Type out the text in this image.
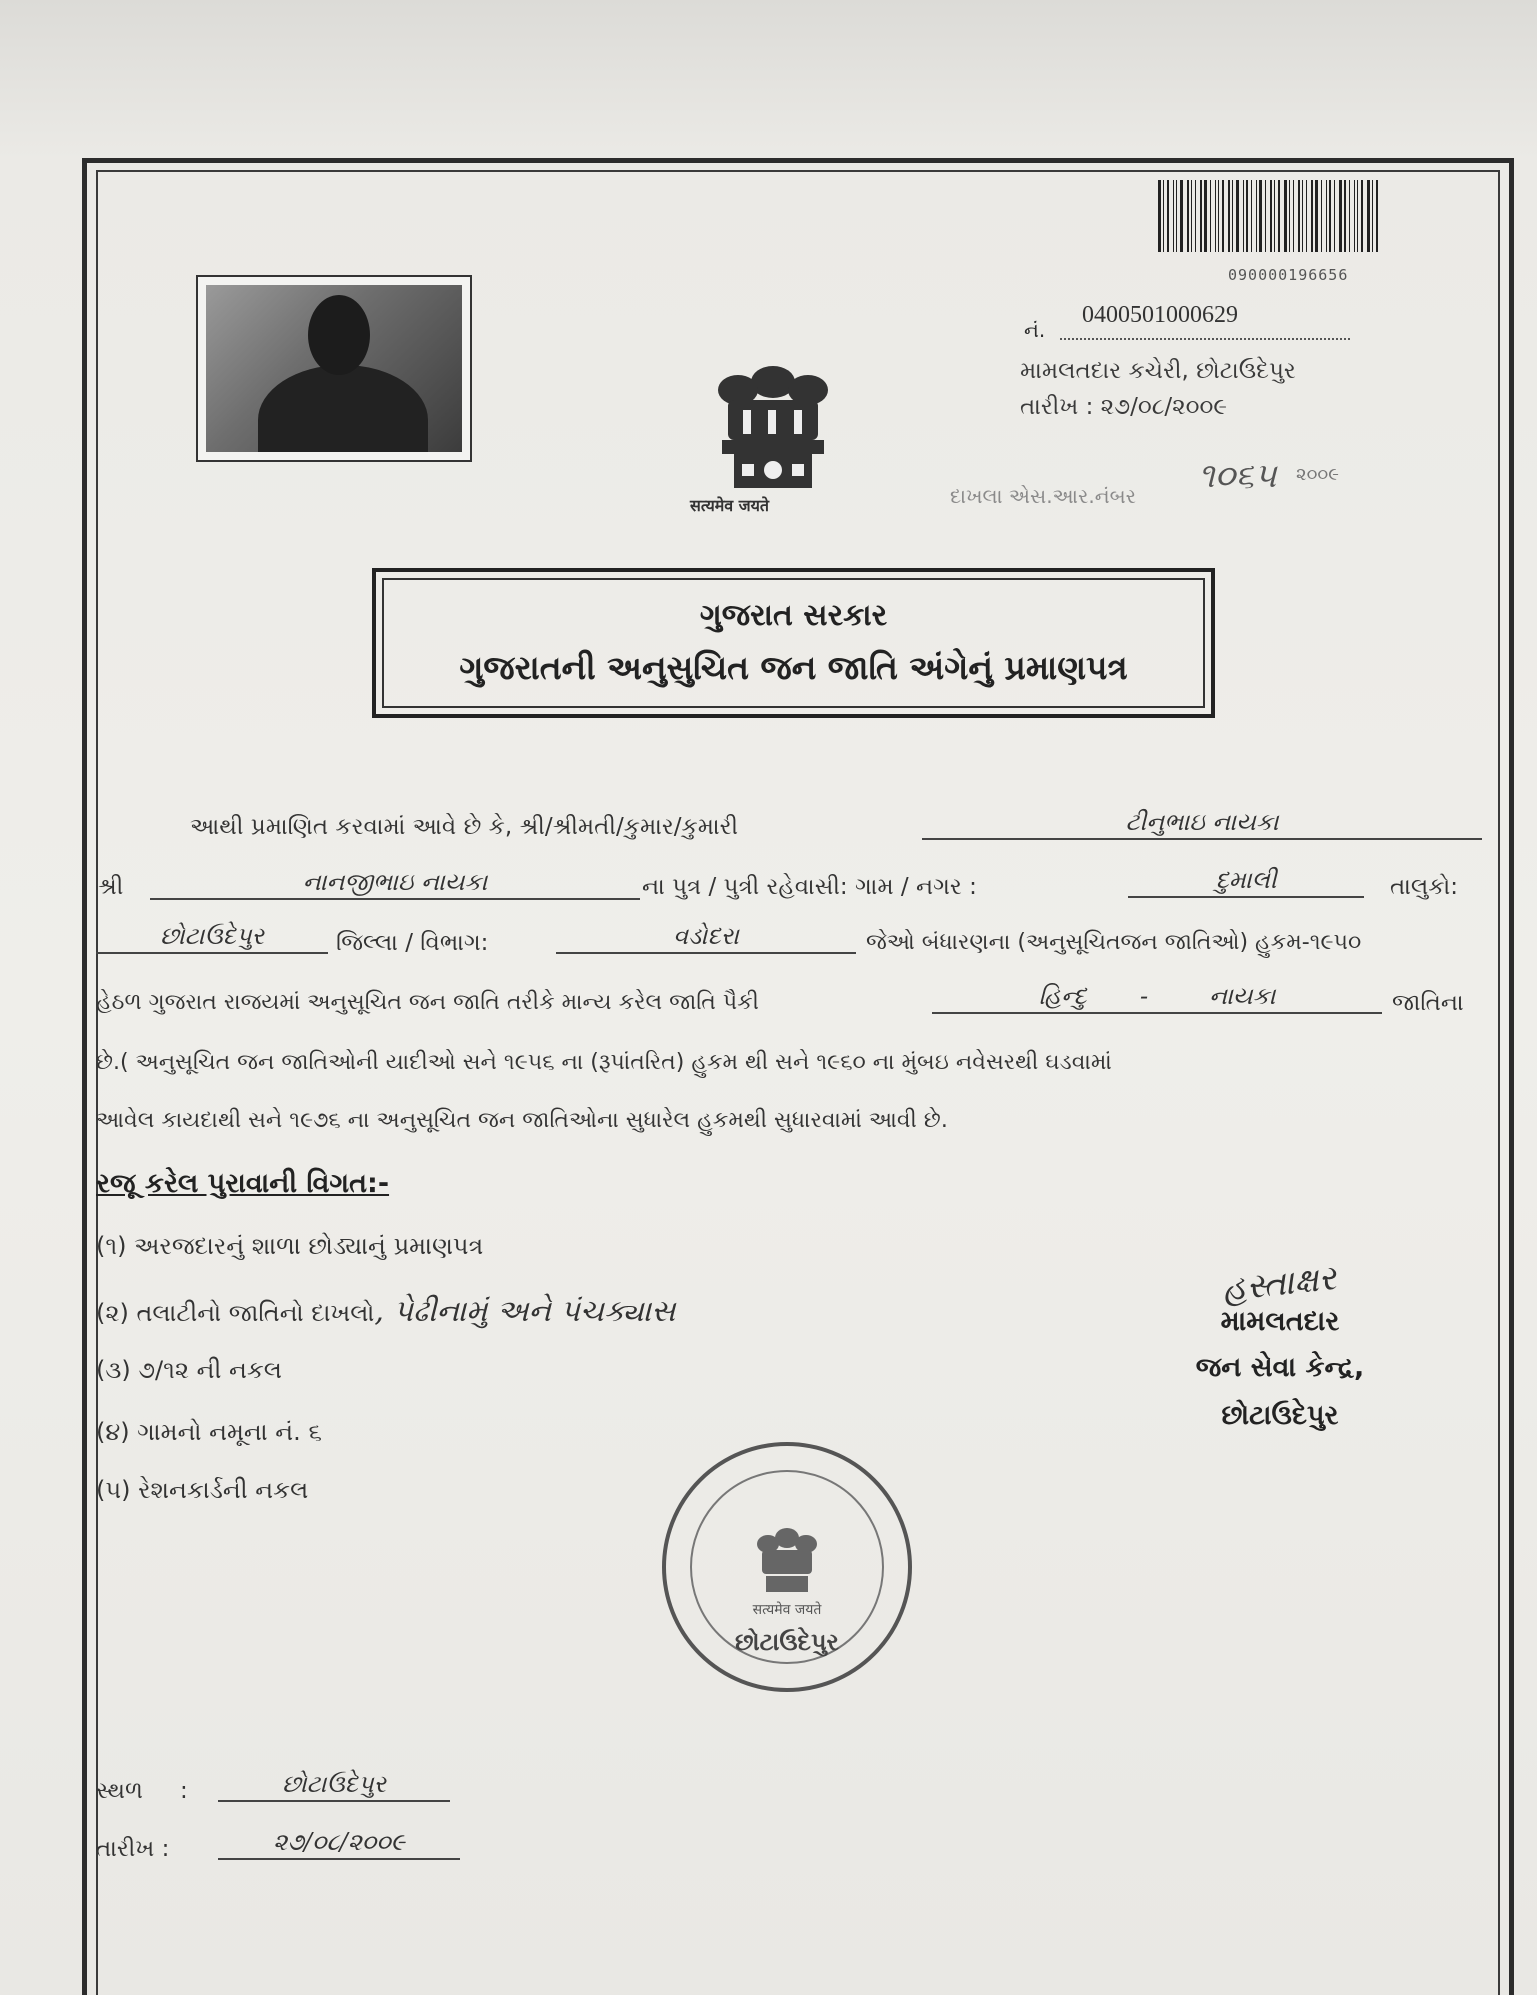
090000196656
0400501000629
નં.
મામલતદાર કચેરી, છોટાઉદેપુર
તારીખ : ૨૭/૦૮/૨૦૦૯
દાખલા એસ.આર.નંબર ૧૦૬૫ ૨૦૦૯
सत्यमेव जयते
ગુજરાત સરકાર
ગુજરાતની અનુસુચિત જન જાતિ અંગેનું પ્રમાણપત્ર
આથી પ્રમાણિત કરવામાં આવે છે કે, શ્રી/શ્રીમતી/કુમાર/કુમારી	ટીનુભાઇ નાયકા
શ્રી	નાનજીભાઇ નાયકા	ના પુત્ર / પુત્રી રહેવાસી: ગામ / નગર :	દુમાલી	તાલુકો:
છોટાઉદેપુર	જિલ્લા / વિભાગ:	વડોદરા	જેઓ બંધારણના (અનુસૂચિતજન જાતિઓ) હુકમ-૧૯૫૦
હેઠળ ગુજરાત રાજયમાં અનુસૂચિત જન જાતિ તરીકે માન્ય કરેલ જાતિ પૈકી	હિન્દુ       -        નાયકા	જાતિના
છે.( અનુસૂચિત જન જાતિઓની યાદીઓ સને ૧૯૫૬ ના (રૂપાંતરિત) હુકમ થી સને ૧૯૬૦ ના મુંબઇ નવેસરથી ઘડવામાં
આવેલ કાયદાથી સને ૧૯૭૬ ના અનુસૂચિત જન જાતિઓના સુધારેલ હુકમથી સુધારવામાં આવી છે.
રજૂ કરેલ પુરાવાની વિગત:-
(૧) અરજદારનું શાળા છોડ્યાનું પ્રમાણપત્ર
(૨) તલાટીનો જાતિનો દાખલો, પેઢીનામું અને પંચક્યાસ
(૩) ૭/૧૨ ની નકલ
(૪) ગામનો નમૂના નં. ૬
(૫) રેશનકાર્ડની નકલ
હસ્તાક્ષર
મામલતદાર
જન સેવા કેન્દ્ર,
છોટાઉદેપુર
सत्यमेव जयते
છોટાઉદેપુર
સ્થળ :	છોટાઉદેપુર
તારીખ :	૨૭/૦૮/૨૦૦૯
